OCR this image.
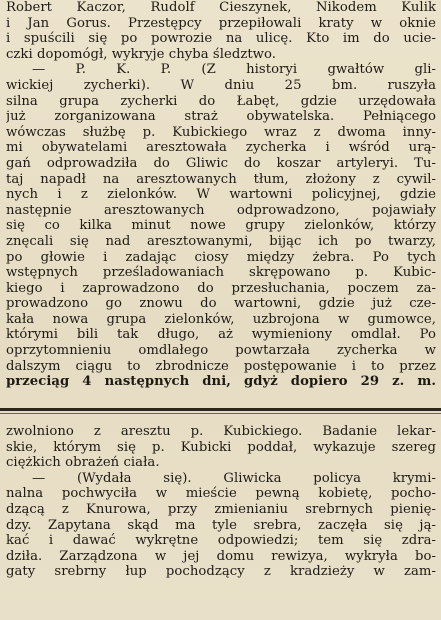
Robert Kaczor, Rudolf Cieszynek, Nikodem Kulik
i Jan Gorus. Przestępcy przepiłowali kraty w oknie
i spuścili się po powrozie na ulicę. Kto im do ucie-
czki dopomógł, wykryje chyba śledztwo.
— P. K. P. (Z historyi gwałtów gli-
wickiej zycherki). W dniu 25 bm. ruszyła
silna grupa zycherki do Łabęt, gdzie urzędowała
już zorganizowana straż obywatelska. Pełniącego
wówczas służbę p. Kubickiego wraz z dwoma inny-
mi obywatelami aresztowała zycherka i wśród urą-
gań odprowadziła do Gliwic do koszar artyleryi. Tu-
taj napadł na aresztowanych tłum, złożony z cywil-
nych i z zielonków. W wartowni policyjnej, gdzie
następnie aresztowanych odprowadzono, pojawiały
się co kilka minut nowe grupy zielonków, którzy
znęcali się nad aresztowanymi, bijąc ich po twarzy,
po głowie i zadając ciosy między żebra. Po tych
wstępnych prześladowaniach skrępowano p. Kubic-
kiego i zaprowadzono do przesłuchania, poczem za-
prowadzono go znowu do wartowni, gdzie już cze-
kała nowa grupa zielonków, uzbrojona w gumowce,
którymi bili tak długo, aż wymieniony omdlał. Po
oprzytomnieniu omdlałego powtarzała zycherka w
dalszym ciągu to zbrodnicze postępowanie i to przez
przeciąg 4 następnych dni, gdyż dopiero 29 z. m.
zwolniono z aresztu p. Kubickiego. Badanie lekar-
skie, którym się p. Kubicki poddał, wykazuje szereg
ciężkich obrażeń ciała.
— (Wydała się). Gliwicka policya krymi-
nalna pochwyciła w mieście pewną kobietę, pocho-
dzącą z Knurowa, przy zmienianiu srebrnych pienię-
dzy. Zapytana skąd ma tyle srebra, zaczęła się ją-
kać i dawać wykrętne odpowiedzi; tem się zdra-
dziła. Zarządzona w jej domu rewizya, wykryła bo-
gaty srebrny łup pochodzący z kradzieży w zam-
